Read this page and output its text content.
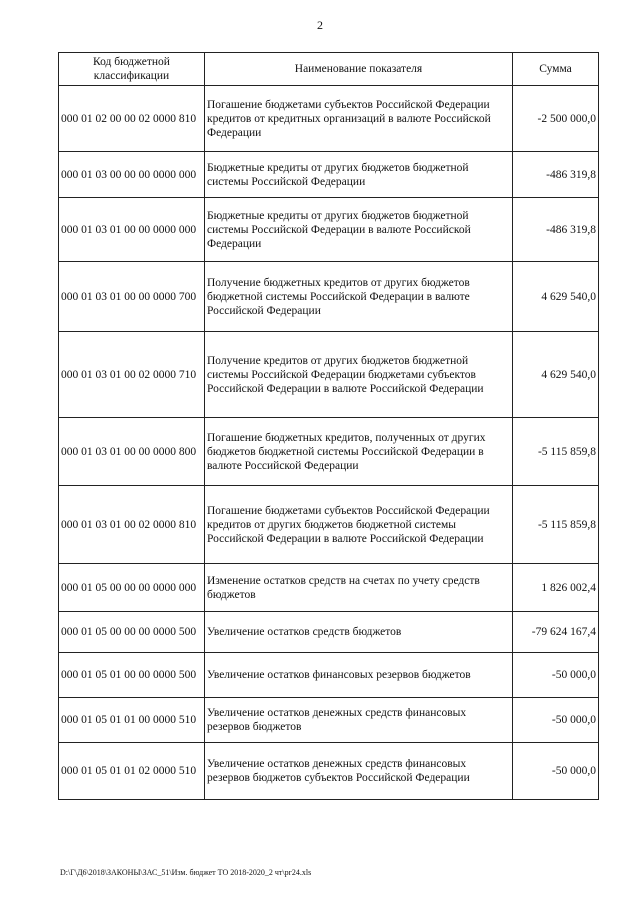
2
Код бюджетной классификации	Наименование показателя	Сумма
000 01 02 00 00 02 0000 810	Погашение бюджетами субъектов Российской Федерации кредитов от кредитных организаций в валюте Российской Федерации	-2 500 000,0
000 01 03 00 00 00 0000 000	Бюджетные кредиты от других бюджетов бюджетной системы Российской Федерации	-486 319,8
000 01 03 01 00 00 0000 000	Бюджетные кредиты от других бюджетов бюджетной системы Российской Федерации в валюте Российской Федерации	-486 319,8
000 01 03 01 00 00 0000 700	Получение бюджетных кредитов от других бюджетов бюджетной системы Российской Федерации в валюте Российской Федерации	4 629 540,0
000 01 03 01 00 02 0000 710	Получение кредитов от других бюджетов бюджетной системы Российской Федерации бюджетами субъектов Российской Федерации в валюте Российской Федерации	4 629 540,0
000 01 03 01 00 00 0000 800	Погашение бюджетных кредитов, полученных от других бюджетов бюджетной системы Российской Федерации в валюте Российской Федерации	-5 115 859,8
000 01 03 01 00 02 0000 810	Погашение бюджетами субъектов Российской Федерации кредитов от других бюджетов бюджетной системы Российской Федерации в валюте Российской Федерации	-5 115 859,8
000 01 05 00 00 00 0000 000	Изменение остатков средств на счетах по учету средств бюджетов	1 826 002,4
000 01 05 00 00 00 0000 500	Увеличение остатков средств бюджетов	-79 624 167,4
000 01 05 01 00 00 0000 500	Увеличение остатков финансовых резервов бюджетов	-50 000,0
000 01 05 01 01 00 0000 510	Увеличение остатков денежных средств финансовых резервов бюджетов	-50 000,0
000 01 05 01 01 02 0000 510	Увеличение остатков денежных средств финансовых резервов бюджетов субъектов Российской Федерации	-50 000,0
D:\Г\Д6\2018\ЗАКОНЫ\ЗАС_51\Изм. бюджет ТО 2018-2020_2 чт\рг24.xls
